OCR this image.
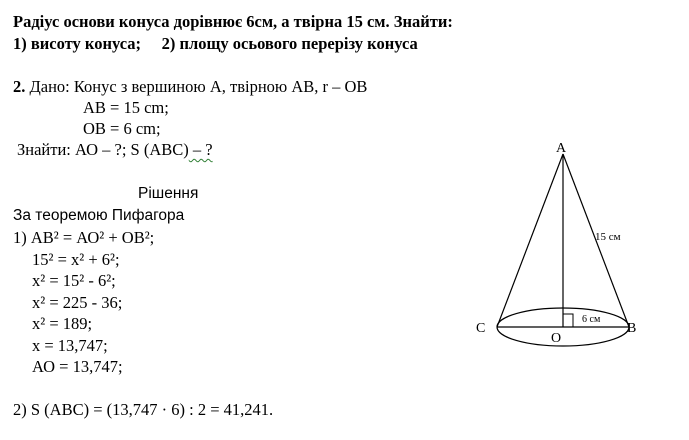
Радіус основи конуса дорівнює 6см, а твірна 15 см. Знайти:
1) висоту конуса;     2) площу осьового перерізу конуса
2. Дано: Конус з вершиною А, твірною АВ, r – ОВ
АВ = 15 cm;
ОВ = 6 cm;
Знайти: АО – ?; S (АВС) – ?
Рішення
За теоремою Пифагора
1) АВ² = АО² + ОВ²;
15² = х² + 6²;
х² = 15² - 6²;
х² = 225 - 36;
х² = 189;
х = 13,747;
АО = 13,747;
2) S (АВС) = (13,747 · 6) : 2 = 41,241.
A
B
C
O
15 см
6 см
